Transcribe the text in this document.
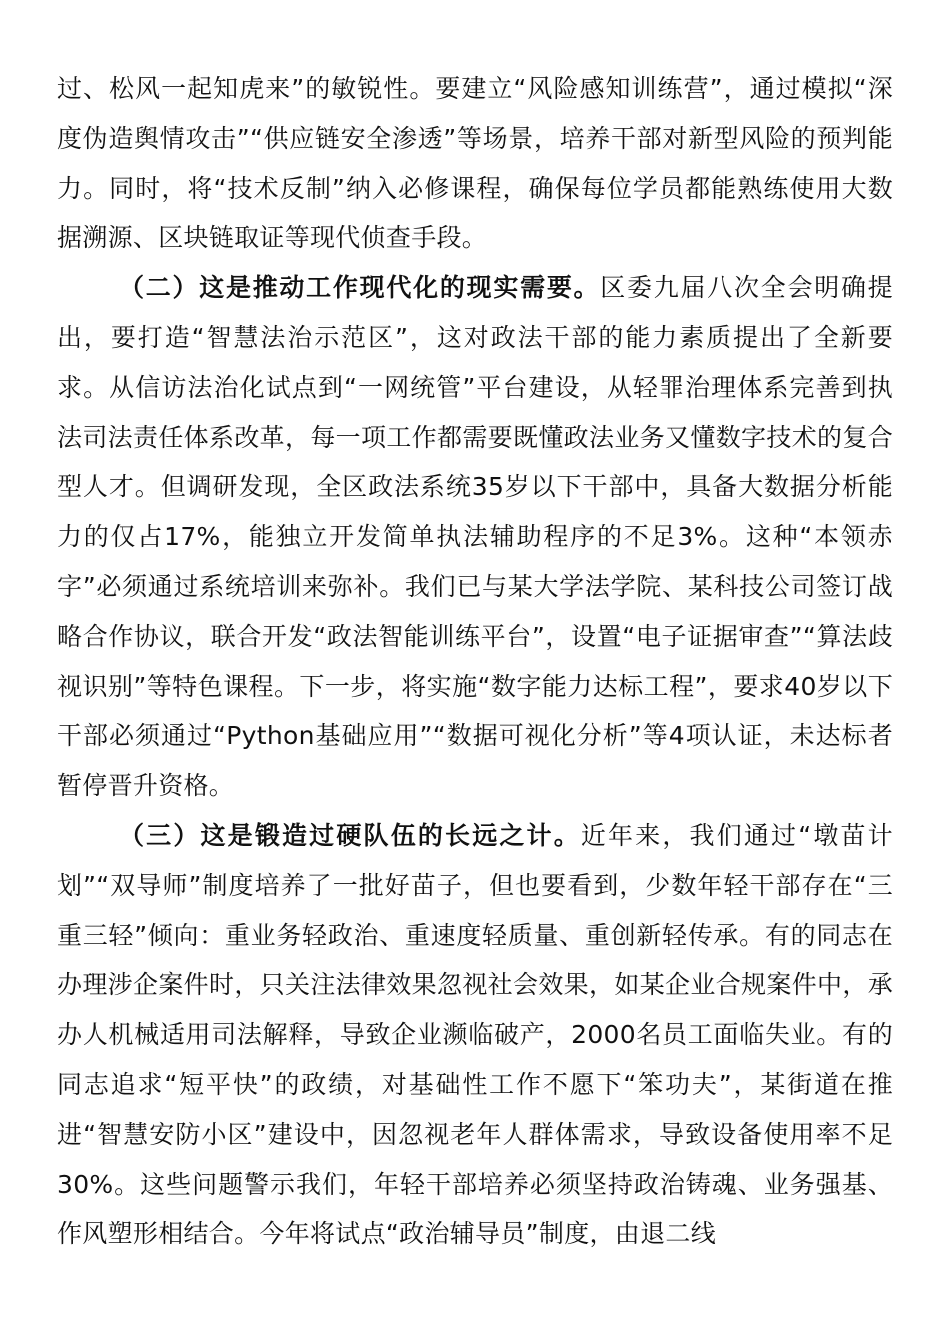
过、松风一起知虎来”的敏锐性。要建立“风险感知训练营”，通过模拟“深度伪造舆情攻击”“供应链安全渗透”等场景，培养干部对新型风险的预判能力。同时，将“技术反制”纳入必修课程，确保每位学员都能熟练使用大数据溯源、区块链取证等现代侦查手段。

（二）这是推动工作现代化的现实需要。区委九届八次全会明确提出，要打造“智慧法治示范区”，这对政法干部的能力素质提出了全新要求。从信访法治化试点到“一网统管”平台建设，从轻罪治理体系完善到执法司法责任体系改革，每一项工作都需要既懂政法业务又懂数字技术的复合型人才。但调研发现，全区政法系统35岁以下干部中，具备大数据分析能力的仅占17%，能独立开发简单执法辅助程序的不足3%。这种“本领赤字”必须通过系统培训来弥补。我们已与某大学法学院、某科技公司签订战略合作协议，联合开发“政法智能训练平台”，设置“电子证据审查”“算法歧视识别”等特色课程。下一步，将实施“数字能力达标工程”，要求40岁以下干部必须通过“Python基础应用”“数据可视化分析”等4项认证，未达标者暂停晋升资格。

（三）这是锻造过硬队伍的长远之计。近年来，我们通过“墩苗计划”“双导师”制度培养了一批好苗子，但也要看到，少数年轻干部存在“三重三轻”倾向：重业务轻政治、重速度轻质量、重创新轻传承。有的同志在办理涉企案件时，只关注法律效果忽视社会效果，如某企业合规案件中，承办人机械适用司法解释，导致企业濒临破产，2000名员工面临失业。有的同志追求“短平快”的政绩，对基础性工作不愿下“笨功夫”，某街道在推进“智慧安防小区”建设中，因忽视老年人群体需求，导致设备使用率不足30%。这些问题警示我们，年轻干部培养必须坚持政治铸魂、业务强基、作风塑形相结合。今年将试点“政治辅导员”制度，由退二线
